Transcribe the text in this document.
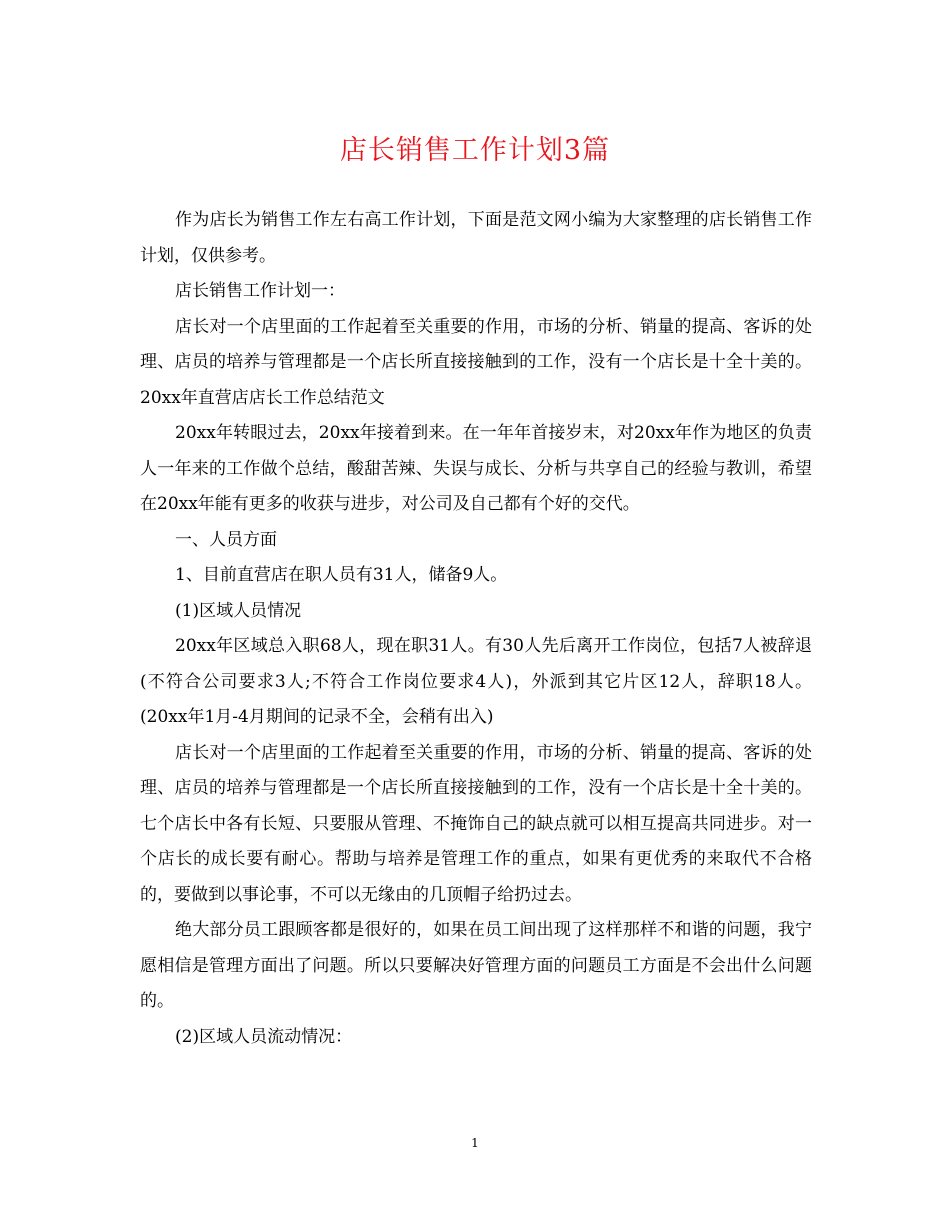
店长销售工作计划3篇

作为店长为销售工作左右高工作计划，下面是范文网小编为大家整理的店长销售工作计划，仅供参考。

店长销售工作计划一：

店长对一个店里面的工作起着至关重要的作用，市场的分析、销量的提高、客诉的处理、店员的培养与管理都是一个店长所直接接触到的工作，没有一个店长是十全十美的。 20xx年直营店店长工作总结范文

20xx年转眼过去，20xx年接着到来。在一年年首接岁末，对20xx年作为地区的负责人一年来的工作做个总结，酸甜苦辣、失误与成长、分析与共享自己的经验与教训，希望在20xx年能有更多的收获与进步，对公司及自己都有个好的交代。

一、人员方面

1、目前直营店在职人员有31人，储备9人。

(1)区域人员情况

20xx年区域总入职68人，现在职31人。有30人先后离开工作岗位，包括7人被辞退(不符合公司要求3人;不符合工作岗位要求4人)，外派到其它片区12人，辞职18人。(20xx年1月-4月期间的记录不全，会稍有出入)

店长对一个店里面的工作起着至关重要的作用，市场的分析、销量的提高、客诉的处理、店员的培养与管理都是一个店长所直接接触到的工作，没有一个店长是十全十美的。七个店长中各有长短、只要服从管理、不掩饰自己的缺点就可以相互提高共同进步。对一个店长的成长要有耐心。帮助与培养是管理工作的重点，如果有更优秀的来取代不合格的，要做到以事论事，不可以无缘由的几顶帽子给扔过去。

绝大部分员工跟顾客都是很好的，如果在员工间出现了这样那样不和谐的问题，我宁愿相信是管理方面出了问题。所以只要解决好管理方面的问题员工方面是不会出什么问题的。

(2)区域人员流动情况：

1
